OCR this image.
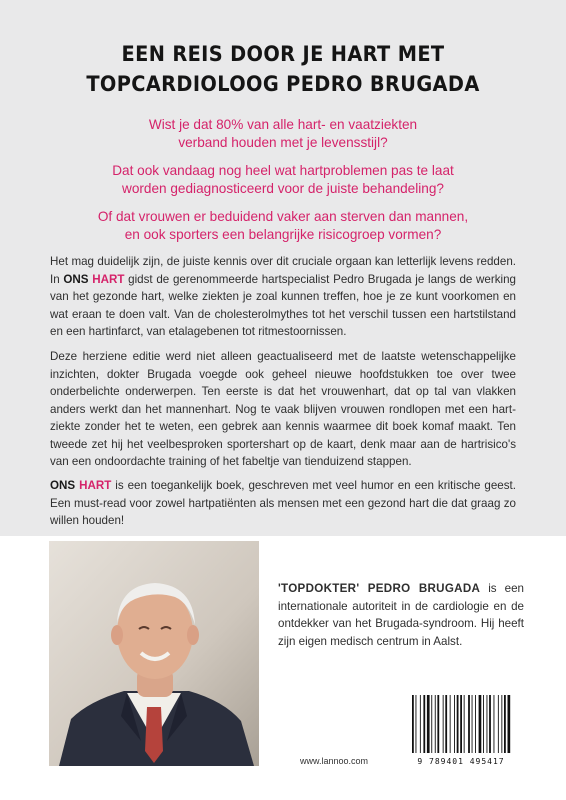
EEN REIS DOOR JE HART MET
TOPCARDIOLOOG PEDRO BRUGADA
Wist je dat 80% van alle hart- en vaatziekten
verband houden met je levensstijl?
Dat ook vandaag nog heel wat hartproblemen pas te laat
worden gediagnosticeerd voor de juiste behandeling?
Of dat vrouwen er beduidend vaker aan sterven dan mannen,
en ook sporters een belangrijke risicogroep vormen?

Het mag duidelijk zijn, de juiste kennis over dit cruciale orgaan kan letterlijk levens redden. In ONS HART gidst de gerenommeerde hartspecialist Pedro Brugada je langs de werking van het gezonde hart, welke ziekten je zoal kunnen treffen, hoe je ze kunt voorkomen en wat eraan te doen valt. Van de cholesterolmythes tot het verschil tussen een hartstilstand en een hartinfarct, van etalagebenen tot ritmestoornissen.

Deze herziene editie werd niet alleen geactualiseerd met de laatste wetenschappelijke inzichten, dokter Brugada voegde ook geheel nieuwe hoofdstukken toe over twee onderbelichte onderwerpen. Ten eerste is dat het vrouwenhart, dat op tal van vlakken anders werkt dan het mannenhart. Nog te vaak blijven vrouwen rondlopen met een hartziekte zonder het te weten, een gebrek aan kennis waarmee dit boek komaf maakt. Ten tweede zet hij het veelbesproken sportershart op de kaart, denk maar aan de hartrisico's van een ondoordachte training of het fabeltje van tienduizend stappen.

ONS HART is een toegankelijk boek, geschreven met veel humor en een kritische geest. Een must-read voor zowel hartpatiënten als mensen met een gezond hart die dat graag zo willen houden!

'TOPDOKTER' PEDRO BRUGADA is een internationale autoriteit in de cardiologie en de ontdekker van het Brugada-syndroom. Hij heeft zijn eigen medisch centrum in Aalst.
www.lannoo.com	9 789401 495417
